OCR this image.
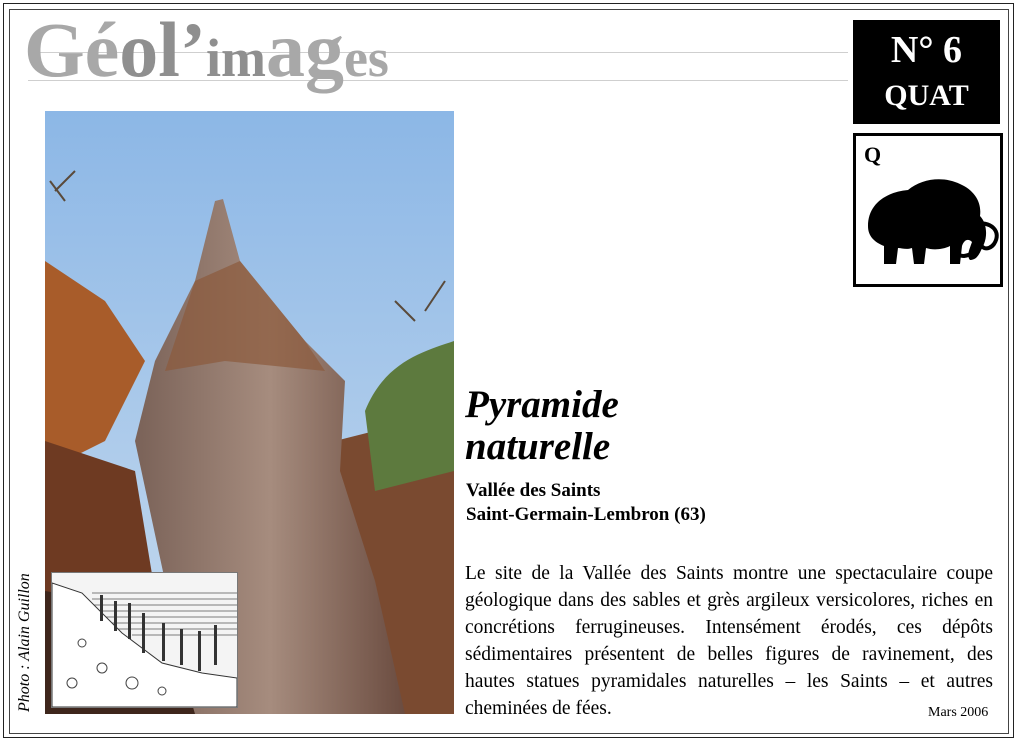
Géol’images	N° 6
QUAT
Q
Photo : Alain Guillon
Pyramide
naturelle
Vallée des Saints
Saint-Germain-Lembron (63)
Le site de la Vallée des Saints montre une spectaculaire coupe géologique dans des sables et grès argileux versicolores, riches en concrétions ferrugineuses. Intensément érodés, ces dépôts sédimentaires présentent de belles figures de ravinement, des hautes statues pyramidales naturelles – les Saints – et autres cheminées de fées.	Mars 2006
